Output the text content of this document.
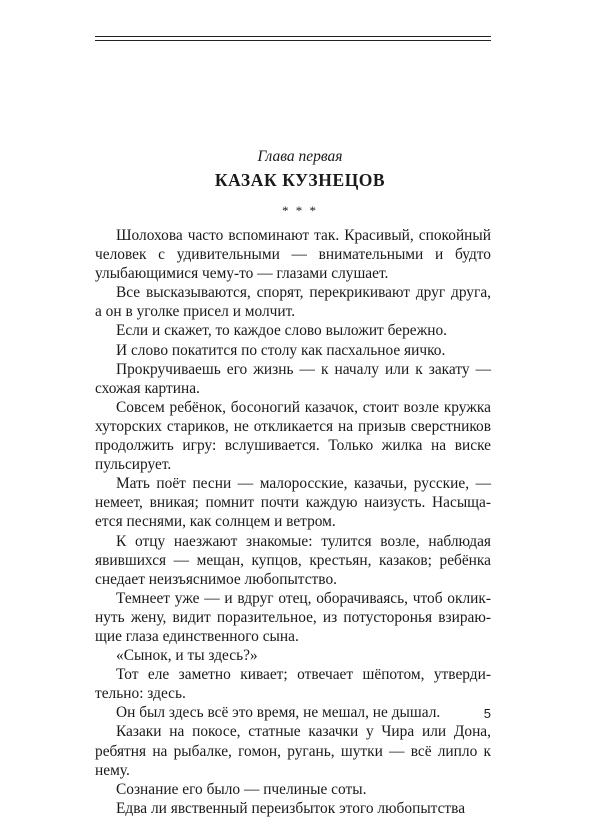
Глава первая
КАЗАК КУЗНЕЦОВ
* * *

Шолохова часто вспоминают так. Красивый, спокойный человек с удивительными — внимательными и будто улыбающимися чему-то — глазами слушает.

Все высказываются, спорят, перекрикивают друг друга, а он в уголке присел и молчит.

Если и скажет, то каждое слово выложит бережно.

И слово покатится по столу как пасхальное яичко.

Прокручиваешь его жизнь — к началу или к закату — схожая картина.

Совсем ребёнок, босоногий казачок, стоит возле кружка хуторских стариков, не откликается на призыв сверстников продолжить игру: вслушивается. Только жилка на виске пульсирует.

Мать поёт песни — малоросские, казачьи, русские, — немеет, вникая; помнит почти каждую наизусть. Насыщается песнями, как солнцем и ветром.

К отцу наезжают знакомые: тулится возле, наблюдая явившихся — мещан, купцов, крестьян, казаков; ребёнка снедает неизъяснимое любопытство.

Темнеет уже — и вдруг отец, оборачиваясь, чтоб окликнуть жену, видит поразительное, из потусторонья взирающие глаза единственного сына.

«Сынок, и ты здесь?»

Тот еле заметно кивает; отвечает шёпотом, утвердительно: здесь.

Он был здесь всё это время, не мешал, не дышал.

Казаки на покосе, статные казачки у Чира или Дона, ребятня на рыбалке, гомон, ругань, шутки — всё липло к нему.

Сознание его было — пчелиные соты.

Едва ли явственный переизбыток этого любопытства

5
